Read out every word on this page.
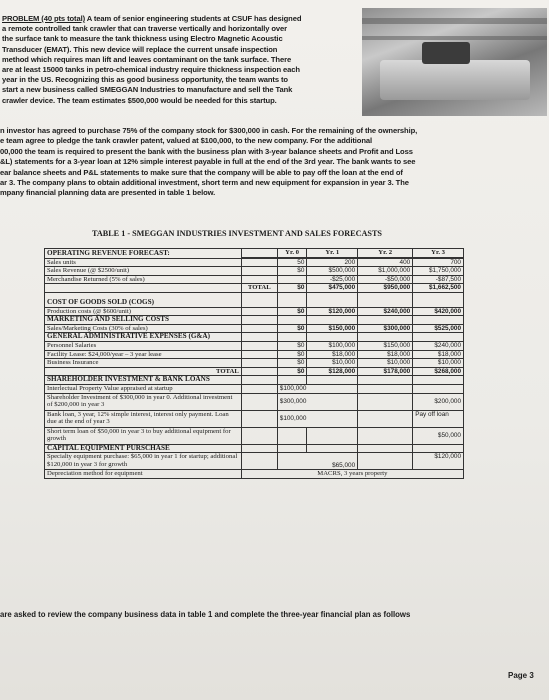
PROBLEM (40 pts total) A team of senior engineering students at CSUF has designed
a remote controlled tank crawler that can traverse vertically and horizontally over
the surface tank to measure the tank thickness using Electro Magnetic Acoustic
Transducer (EMAT). This new device will replace the current unsafe inspection
method which requires man lift and leaves contaminant on the tank surface. There
are at least 15000 tanks in petro-chemical industry require thickness inspection each
year in the US. Recognizing this as good business opportunity, the team wants to
start a new business called SMEGGAN Industries to manufacture and sell the Tank
crawler device. The team estimates $500,000 would be needed for this startup.
n investor has agreed to purchase 75% of the company stock for $300,000 in cash. For the remaining of the ownership,
e team agree to pledge the tank crawler patent, valued at $100,000, to the new company. For the additional
00,000 the team is required to present the bank with the business plan with 3-year balance sheets and Profit and Loss
&L) statements for a 3-year loan at 12% simple interest payable in full at the end of the 3rd year. The bank wants to see
ear balance sheets and P&L statements to make sure that the company will be able to pay off the loan at the end of
ar 3. The company plans to obtain additional investment, short term and new equipment for expansion in year 3. The
mpany financial planning data are presented in table 1 below.
TABLE 1 - SMEGGAN INDUSTRIES INVESTMENT AND SALES FORECASTS
OPERATING REVENUE FORECAST:		Yr. 0	Yr. 1	Yr. 2	Yr. 3

Sales units		50	200	400	700
Sales Revenue (@ $2500/unit)		$0	$500,000	$1,000,000	$1,750,000
Merchandise Returned (5% of sales)			-$25,000	-$50,000	-$87,500
	TOTAL	$0	$475,000	$950,000	$1,662,500
COST OF GOODS SOLD (COGS)					
Production costs (@ $600/unit)		$0	$120,000	$240,000	$420,000
MARKETING AND SELLING COSTS					
Sales/Marketing Costs (30% of sales)		$0	$150,000	$300,000	$525,000
GENERAL ADMINISTRATIVE EXPENSES (G&A)					
Personnel Salaries		$0	$100,000	$150,000	$240,000
Facility Lease: $24,000/year – 3 year lease		$0	$18,000	$18,000	$18,000
Business Insurance		$0	$10,000	$10,000	$10,000
TOTAL		$0	$128,000	$178,000	$268,000
SHAREHOLDER INVESTMENT & BANK LOANS					
Interlectual Property Value appraised at startup		$100,000			
Shareholder Investment of $300,000 in year 0. Additional investment of $200,000 in year 3		$300,000			$200,000
Bank loan, 3 year, 12% simple interest, interest only payment. Loan due at the end of year 3		$100,000			Pay off loan
Short term loan of $50,000 in year 3 to buy additional equipment for growth					$50,000
CAPITAL EQUIPMENT PURSCHASE					
Specialty equipment purchase: $65,000 in year 1 for startup; additional $120,000 in year 3 for growth		$65,000			$120,000
Depreciation method for equipment	MACRS, 3 years property				
are asked to review the company business data in table 1 and complete the three-year financial plan as follows
Page 3
